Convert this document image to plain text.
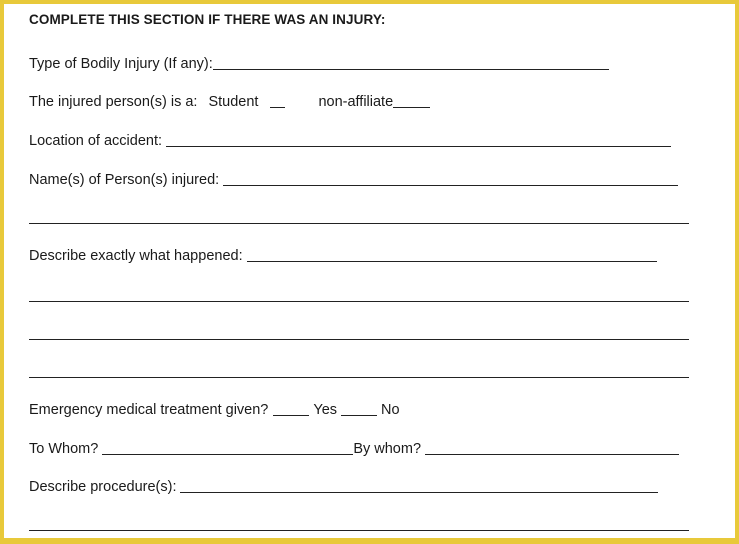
COMPLETE THIS SECTION IF THERE WAS AN INJURY:
Type of Bodily Injury (If any):
The injured person(s) is a: Student	non-affiliate
Location of accident:
Name(s) of Person(s) injured:
Describe exactly what happened:
Emergency medical treatment given?	Yes	No
To Whom?	By whom?
Describe procedure(s):
